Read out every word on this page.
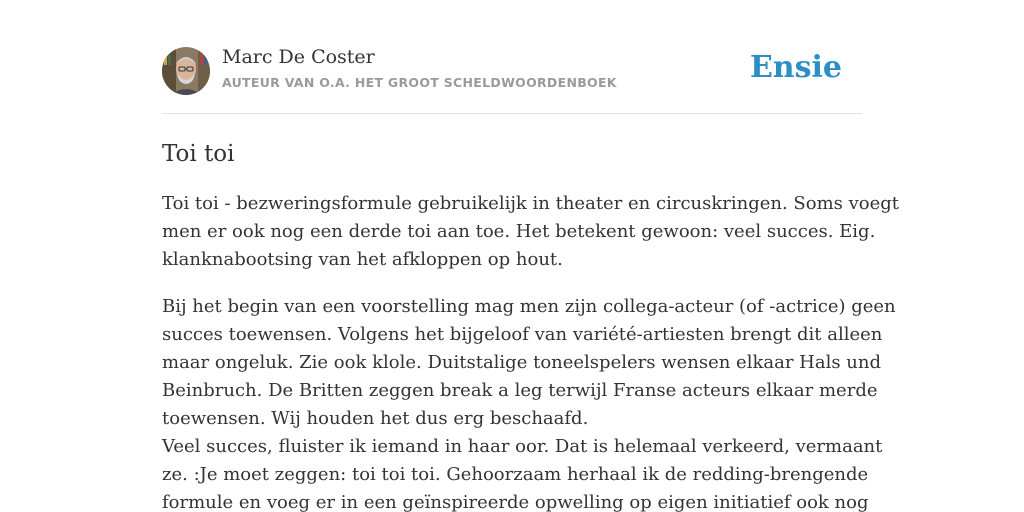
Marc De Coster
AUTEUR VAN O.A. HET GROOT SCHELDWOORDENBOEK	Ensie
Toi toi

Toi toi - bezweringsformule gebruikelijk in theater en circuskringen. Soms voegt
men er ook nog een derde toi aan toe. Het betekent gewoon: veel succes. Eig.
klanknabootsing van het afkloppen op hout.

Bij het begin van een voorstelling mag men zijn collega-acteur (of -actrice) geen
succes toewensen. Volgens het bijgeloof van variété-artiesten brengt dit alleen
maar ongeluk. Zie ook klole. Duitstalige toneelspelers wensen elkaar Hals und
Beinbruch. De Britten zeggen break a leg terwijl Franse acteurs elkaar merde
toewensen. Wij houden het dus erg beschaafd.
Veel succes, fluister ik iemand in haar oor. Dat is helemaal verkeerd, vermaant
ze. :Je moet zeggen: toi toi toi. Gehoorzaam herhaal ik de redding-brengende
formule en voeg er in een geïnspireerde opwelling op eigen initiatief ook nog
